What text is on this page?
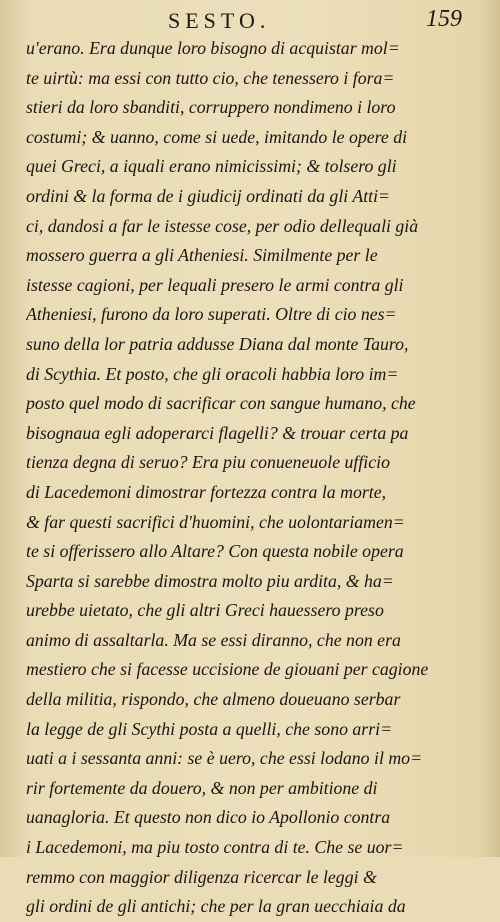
SESTO.	159
u'erano. Era dunque loro bisogno di acquistar mol=
te uirtù: ma essi con tutto cio, che tenessero i fora=
stieri da loro sbanditi, corruppero nondimeno i loro
costumi; & uanno, come si uede, imitando le opere di
quei Greci, a iquali erano nimicissimi; & tolsero gli
ordini & la forma de i giudicij ordinati da gli Atti=
ci, dandosi a far le istesse cose, per odio dellequali già
mossero guerra a gli Atheniesi. Similmente per le
istesse cagioni, per lequali presero le armi contra gli
Atheniesi, furono da loro superati. Oltre di cio nes=
suno della lor patria addusse Diana dal monte Tauro,
di Scythia. Et posto, che gli oracoli habbia loro im=
posto quel modo di sacrificar con sangue humano, che
bisognaua egli adoperarci flagelli? & trouar certa pa
tienza degna di seruo? Era piu conueneuole ufficio
di Lacedemoni dimostrar fortezza contra la morte,
& far questi sacrifici d'huomini, che uolontariamen=
te si offerissero allo Altare? Con questa nobile opera
Sparta si sarebbe dimostra molto piu ardita, & ha=
urebbe uietato, che gli altri Greci hauessero preso
animo di assaltarla. Ma se essi diranno, che non era
mestiero che si facesse uccisione de giouani per cagione
della militia, rispondo, che almeno doueuano serbar
la legge de gli Scythi posta a quelli, che sono arri=
uati a i sessanta anni: se è uero, che essi lodano il mo=
rir fortemente da douero, & non per ambitione di
uanagloria. Et questo non dico io Apollonio contra
i Lacedemoni, ma piu tosto contra di te. Che se uor=
remmo con maggior diligenza ricercar le leggi &
gli ordini de gli antichi; che per la gran uecchiaia da
